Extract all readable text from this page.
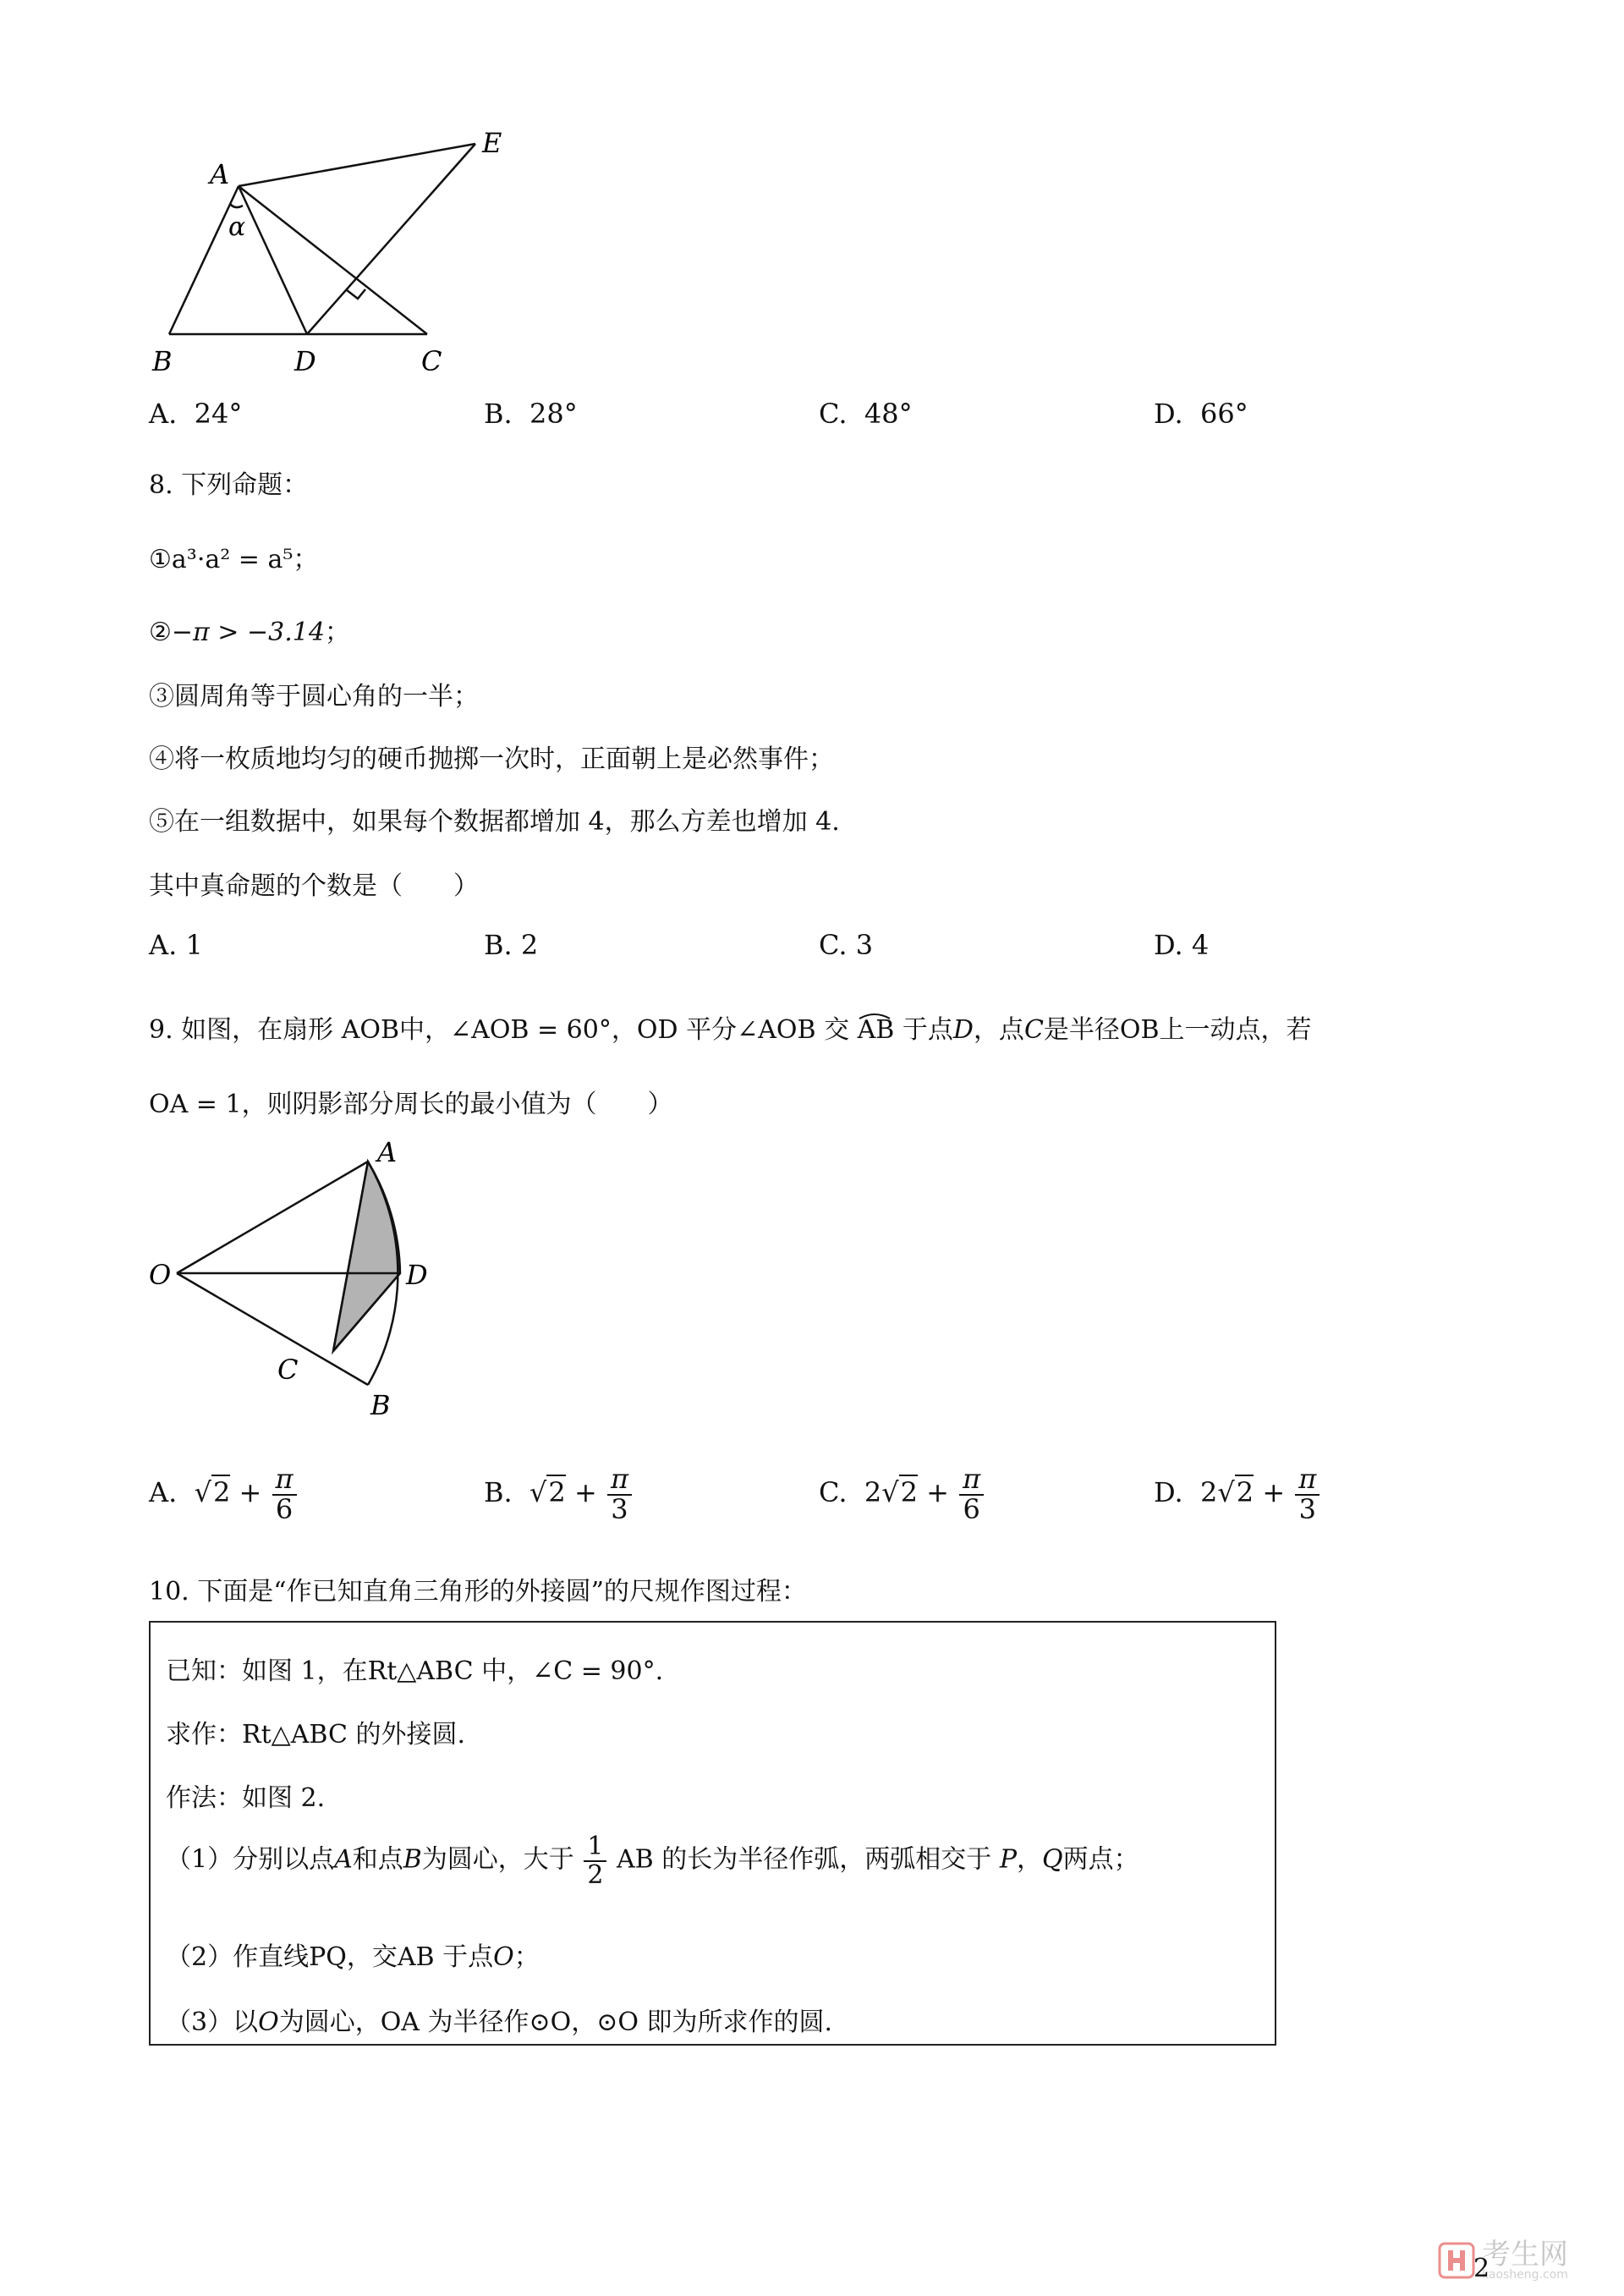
A
E
α
B	D	C
A. 24°	B. 28°	C. 48°	D. 66°
8. 下列命题：
①a³·a² = a⁵；
②−π > −3.14；
③圆周角等于圆心角的一半；
④将一枚质地均匀的硬币抛掷一次时，正面朝上是必然事件；
⑤在一组数据中，如果每个数据都增加 4，那么方差也增加 4.
其中真命题的个数是（　　）
A. 1	B. 2	C. 3	D. 4
9. 如图，在扇形 AOB中，∠AOB = 60°，OD 平分∠AOB 交 AB 于点D，点C是半径OB上一动点，若
OA = 1，则阴影部分周长的最小值为（　　）
A
O	D
C
B
A. $√2 + \frac{\pi}{6}$	B. $√2 + \frac{\pi}{3}$	C. $2√2 + \frac{\pi}{6}$	D. $2√2 + \frac{\pi}{3}$
10. 下面是“作已知直角三角形的外接圆”的尺规作图过程：
已知：如图 1，在Rt△ABC 中，∠C = 90°.
求作：Rt△ABC 的外接圆.
作法：如图 2.
（1）分别以点A和点B为圆心，大于 $\frac{1}{2}$ AB 的长为半径作弧，两弧相交于 P，Q两点；
（2）作直线PQ，交AB 于点O；
（3）以O为圆心，OA 为半径作⊙O，⊙O 即为所求作的圆.
考生网
kaosheng.com
2
